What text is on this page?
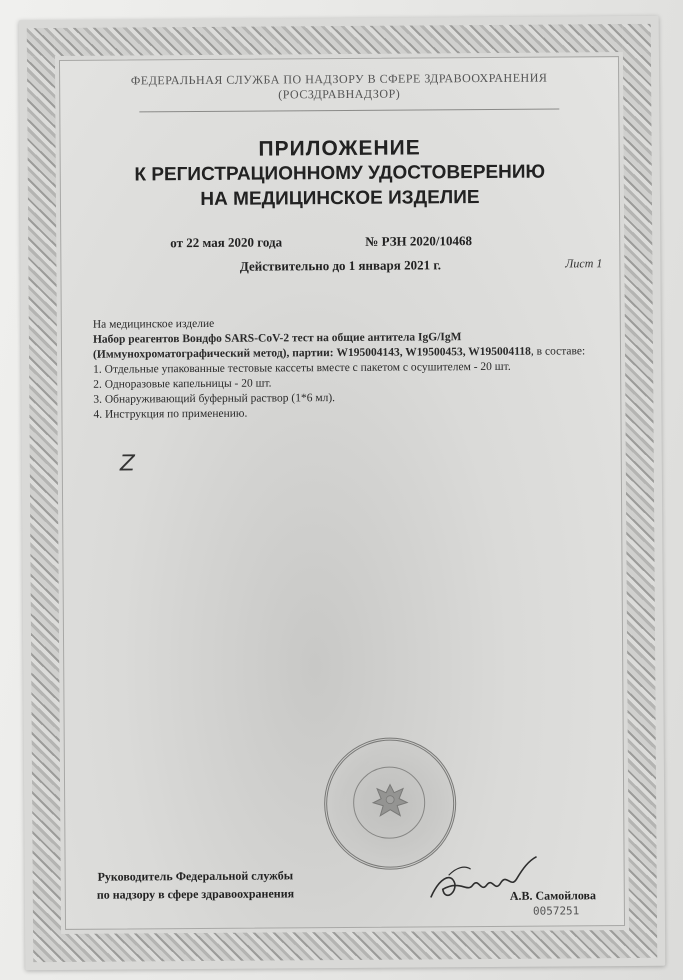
ФЕДЕРАЛЬНАЯ СЛУЖБА ПО НАДЗОРУ В СФЕРЕ ЗДРАВООХРАНЕНИЯ
(РОСЗДРАВНАДЗОР)
ПРИЛОЖЕНИЕ
К РЕГИСТРАЦИОННОМУ УДОСТОВЕРЕНИЮ
НА МЕДИЦИНСКОЕ ИЗДЕЛИЕ
от 22 мая 2020 года	№ РЗН 2020/10468
Действительно до 1 января 2021 г.	Лист 1
На медицинское изделие
Набор реагентов Вондфо SARS-CoV-2 тест на общие антитела IgG/IgM (Иммунохроматографический метод), партии: W195004143, W19500453, W195004118, в составе:

1. Отдельные упакованные тестовые кассеты вместе с пакетом с осушителем - 20 шт.

2. Одноразовые капельницы - 20 шт.

3. Обнаруживающий буферный раствор (1*6 мл).

4. Инструкция по применению.

Z
Руководитель Федеральной службы
по надзору в сфере здравоохранения	А.В. Самойлова
0057251
